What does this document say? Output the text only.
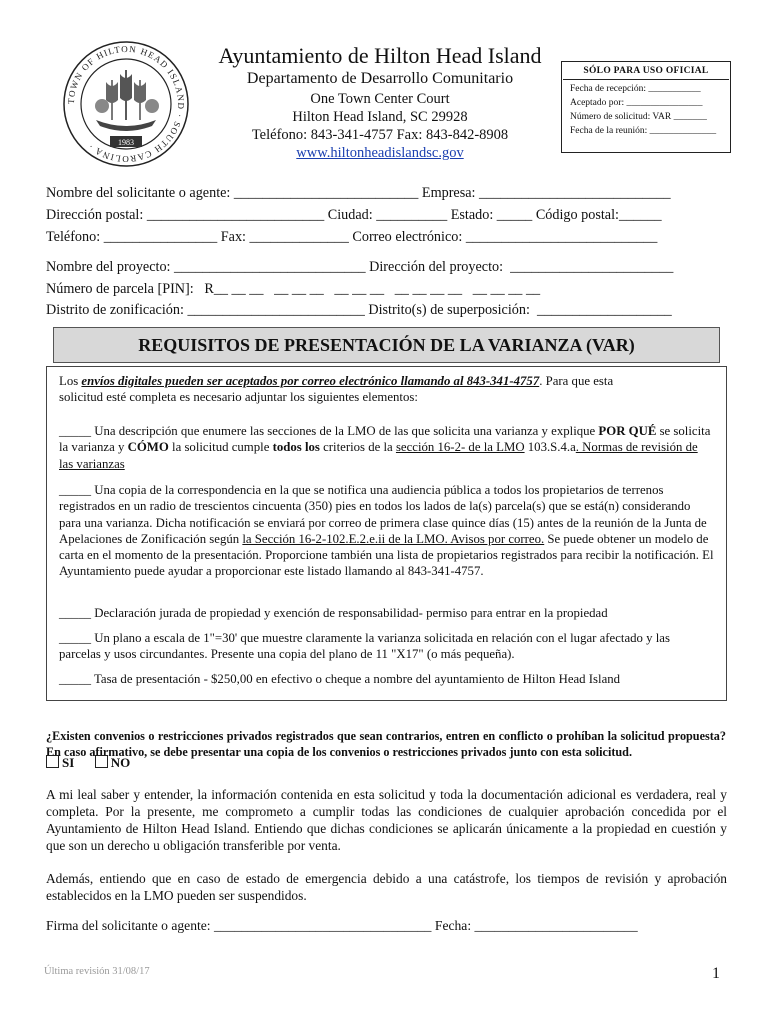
TOWN OF HILTON HEAD ISLAND · SOUTH CAROLINA ·	1983
Ayuntamiento de Hilton Head Island
Departamento de Desarrollo Comunitario
One Town Center Court
Hilton Head Island, SC 29928
Teléfono: 843-341-4757 Fax: 843-842-8908
www.hiltonheadislandsc.gov
SÓLO PARA USO OFICIAL
Fecha de recepción: ___________
Aceptado por: ________________
Número de solicitud: VAR _______
Fecha de la reunión: ______________
Nombre del solicitante o agente: __________________________ Empresa: ___________________________
Dirección postal: _________________________ Ciudad: __________ Estado: _____ Código postal:______
Teléfono: ________________ Fax: ______________ Correo electrónico: ___________________________
Nombre del proyecto: ___________________________ Dirección del proyecto:  _______________________
Número de parcela [PIN]:   R__ __ __   __ __ __   __ __ __   __ __ __ __   __ __ __ __
Distrito de zonificación: _________________________ Distrito(s) de superposición:  ___________________
REQUISITOS DE PRESENTACIÓN DE LA VARIANZA (VAR)
Los envíos digitales pueden ser aceptados por correo electrónico llamando al 843-341-4757. Para que esta solicitud esté completa es necesario adjuntar los siguientes elementos:
_____ Una descripción que enumere las secciones de la LMO de las que solicita una varianza y explique POR QUÉ se solicita la varianza y CÓMO la solicitud cumple todos los criterios de la sección 16-2- de la LMO 103.S.4.a. Normas de revisión de las varianzas
_____ Una copia de la correspondencia en la que se notifica una audiencia pública a todos los propietarios de terrenos registrados en un radio de trescientos cincuenta (350) pies en todos los lados de la(s) parcela(s) que se está(n) considerando para una varianza. Dicha notificación se enviará por correo de primera clase quince días (15) antes de la reunión de la Junta de Apelaciones de Zonificación según la Sección 16-2-102.E.2.e.ii de la LMO. Avisos por correo. Se puede obtener un modelo de carta en el momento de la presentación. Proporcione también una lista de propietarios registrados para recibir la notificación. El Ayuntamiento puede ayudar a proporcionar este listado llamando al 843-341-4757.
_____ Declaración jurada de propiedad y exención de responsabilidad- permiso para entrar en la propiedad
_____ Un plano a escala de 1"=30' que muestre claramente la varianza solicitada en relación con el lugar afectado y las parcelas y usos circundantes. Presente una copia del plano de 11 "X17" (o más pequeña).
_____ Tasa de presentación - $250,00 en efectivo o cheque a nombre del ayuntamiento de Hilton Head Island
¿Existen convenios o restricciones privados registrados que sean contrarios, entren en conflicto o prohíban la solicitud propuesta? En caso afirmativo, se debe presentar una copia de los convenios o restricciones privados junto con esta solicitud.
SI	NO
A mi leal saber y entender, la información contenida en esta solicitud y toda la documentación adicional es verdadera, real y completa. Por la presente, me comprometo a cumplir todas las condiciones de cualquier aprobación concedida por el Ayuntamiento de Hilton Head Island. Entiendo que dichas condiciones se aplicarán únicamente a la propiedad en cuestión y que son un derecho u obligación transferible por venta.
Además, entiendo que en caso de estado de emergencia debido a una catástrofe, los tiempos de revisión y aprobación establecidos en la LMO pueden ser suspendidos.
Firma del solicitante o agente: ________________________________ Fecha: ________________________
Última revisión 31/08/17	1
